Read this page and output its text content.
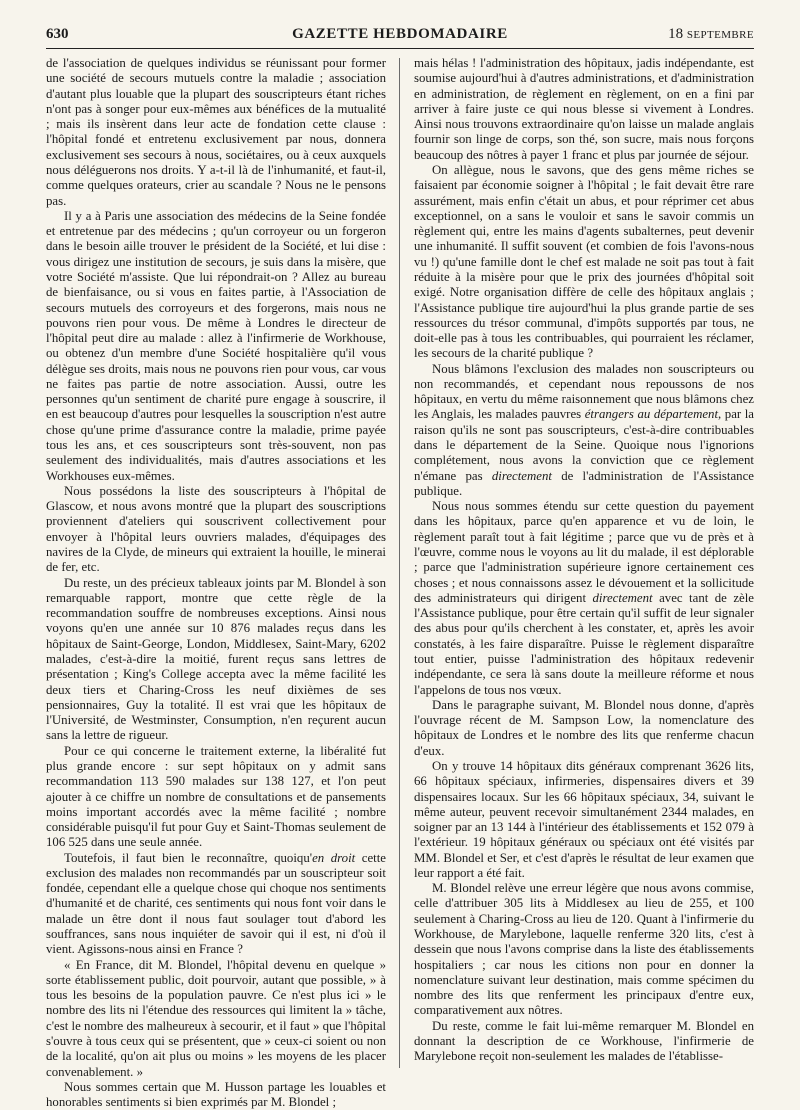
630	GAZETTE HEBDOMADAIRE	18 SEPTEMBRE

de l'association de quelques individus se réunissant pour former une société de secours mutuels contre la maladie ; association d'autant plus louable que la plupart des souscripteurs étant riches n'ont pas à songer pour eux-mêmes aux bénéfices de la mutualité ; mais ils insèrent dans leur acte de fondation cette clause : l'hôpital fondé et entretenu exclusivement par nous, donnera exclusivement ses secours à nous, sociétaires, ou à ceux auxquels nous déléguerons nos droits. Y a-t-il là de l'inhumanité, et faut-il, comme quelques orateurs, crier au scandale ? Nous ne le pensons pas.

Il y a à Paris une association des médecins de la Seine fondée et entretenue par des médecins ; qu'un corroyeur ou un forgeron dans le besoin aille trouver le président de la Société, et lui dise : vous dirigez une institution de secours, je suis dans la misère, que votre Société m'assiste. Que lui répondrait-on ? Allez au bureau de bienfaisance, ou si vous en faites partie, à l'Association de secours mutuels des corroyeurs et des forgerons, mais nous ne pouvons rien pour vous. De même à Londres le directeur de l'hôpital peut dire au malade : allez à l'infirmerie de Workhouse, ou obtenez d'un membre d'une Société hospitalière qu'il vous délègue ses droits, mais nous ne pouvons rien pour vous, car vous ne faites pas partie de notre association. Aussi, outre les personnes qu'un sentiment de charité pure engage à souscrire, il en est beaucoup d'autres pour lesquelles la souscription n'est autre chose qu'une prime d'assurance contre la maladie, prime payée tous les ans, et ces souscripteurs sont très-souvent, non pas seulement des individualités, mais d'autres associations et les Workhouses eux-mêmes.

Nous possédons la liste des souscripteurs à l'hôpital de Glascow, et nous avons montré que la plupart des souscriptions proviennent d'ateliers qui souscrivent collectivement pour envoyer à l'hôpital leurs ouvriers malades, d'équipages des navires de la Clyde, de mineurs qui extraient la houille, le minerai de fer, etc.

Du reste, un des précieux tableaux joints par M. Blondel à son remarquable rapport, montre que cette règle de la recommandation souffre de nombreuses exceptions. Ainsi nous voyons qu'en une année sur 10 876 malades reçus dans les hôpitaux de Saint-George, London, Middlesex, Saint-Mary, 6202 malades, c'est-à-dire la moitié, furent reçus sans lettres de présentation ; King's College accepta avec la même facilité les deux tiers et Charing-Cross les neuf dixièmes de ses pensionnaires, Guy la totalité. Il est vrai que les hôpitaux de l'Université, de Westminster, Consumption, n'en reçurent aucun sans la lettre de rigueur.

Pour ce qui concerne le traitement externe, la libéralité fut plus grande encore : sur sept hôpitaux on y admit sans recommandation 113 590 malades sur 138 127, et l'on peut ajouter à ce chiffre un nombre de consultations et de pansements moins important accordés avec la même facilité ; nombre considérable puisqu'il fut pour Guy et Saint-Thomas seulement de 106 525 dans une seule année.

Toutefois, il faut bien le reconnaître, quoiqu'en droit cette exclusion des malades non recommandés par un souscripteur soit fondée, cependant elle a quelque chose qui choque nos sentiments d'humanité et de charité, ces sentiments qui nous font voir dans le malade un être dont il nous faut soulager tout d'abord les souffrances, sans nous inquiéter de savoir qui il est, ni d'où il vient. Agissons-nous ainsi en France ?

« En France, dit M. Blondel, l'hôpital devenu en quelque » sorte établissement public, doit pourvoir, autant que possible, » à tous les besoins de la population pauvre. Ce n'est plus ici » le nombre des lits ni l'étendue des ressources qui limitent la » tâche, c'est le nombre des malheureux à secourir, et il faut » que l'hôpital s'ouvre à tous ceux qui se présentent, que » ceux-ci soient ou non de la localité, qu'on ait plus ou moins » les moyens de les placer convenablement. »

Nous sommes certain que M. Husson partage les louables et honorables sentiments si bien exprimés par M. Blondel ;

mais hélas ! l'administration des hôpitaux, jadis indépendante, est soumise aujourd'hui à d'autres administrations, et d'administration en administration, de règlement en règlement, on en a fini par arriver à faire juste ce qui nous blesse si vivement à Londres. Ainsi nous trouvons extraordinaire qu'on laisse un malade anglais fournir son linge de corps, son thé, son sucre, mais nous forçons beaucoup des nôtres à payer 1 franc et plus par journée de séjour.

On allègue, nous le savons, que des gens même riches se faisaient par économie soigner à l'hôpital ; le fait devait être rare assurément, mais enfin c'était un abus, et pour réprimer cet abus exceptionnel, on a sans le vouloir et sans le savoir commis un règlement qui, entre les mains d'agents subalternes, peut devenir une inhumanité. Il suffit souvent (et combien de fois l'avons-nous vu !) qu'une famille dont le chef est malade ne soit pas tout à fait réduite à la misère pour que le prix des journées d'hôpital soit exigé. Notre organisation diffère de celle des hôpitaux anglais ; l'Assistance publique tire aujourd'hui la plus grande partie de ses ressources du trésor communal, d'impôts supportés par tous, ne doit-elle pas à tous les contribuables, qui pourraient les réclamer, les secours de la charité publique ?

Nous blâmons l'exclusion des malades non souscripteurs ou non recommandés, et cependant nous repoussons de nos hôpitaux, en vertu du même raisonnement que nous blâmons chez les Anglais, les malades pauvres étrangers au département, par la raison qu'ils ne sont pas souscripteurs, c'est-à-dire contribuables dans le département de la Seine. Quoique nous l'ignorions complétement, nous avons la conviction que ce règlement n'émane pas directement de l'administration de l'Assistance publique.

Nous nous sommes étendu sur cette question du payement dans les hôpitaux, parce qu'en apparence et vu de loin, le règlement paraît tout à fait légitime ; parce que vu de près et à l'œuvre, comme nous le voyons au lit du malade, il est déplorable ; parce que l'administration supérieure ignore certainement ces choses ; et nous connaissons assez le dévouement et la sollicitude des administrateurs qui dirigent directement avec tant de zèle l'Assistance publique, pour être certain qu'il suffit de leur signaler des abus pour qu'ils cherchent à les constater, et, après les avoir constatés, à les faire disparaître. Puisse le règlement disparaître tout entier, puisse l'administration des hôpitaux redevenir indépendante, ce sera là sans doute la meilleure réforme et nous l'appelons de tous nos vœux.

Dans le paragraphe suivant, M. Blondel nous donne, d'après l'ouvrage récent de M. Sampson Low, la nomenclature des hôpitaux de Londres et le nombre des lits que renferme chacun d'eux.

On y trouve 14 hôpitaux dits généraux comprenant 3626 lits, 66 hôpitaux spéciaux, infirmeries, dispensaires divers et 39 dispensaires locaux. Sur les 66 hôpitaux spéciaux, 34, suivant le même auteur, peuvent recevoir simultanément 2344 malades, en soigner par an 13 144 à l'intérieur des établissements et 152 079 à l'extérieur. 19 hôpitaux généraux ou spéciaux ont été visités par MM. Blondel et Ser, et c'est d'après le résultat de leur examen que leur rapport a été fait.

M. Blondel relève une erreur légère que nous avons commise, celle d'attribuer 305 lits à Middlesex au lieu de 255, et 100 seulement à Charing-Cross au lieu de 120. Quant à l'infirmerie du Workhouse, de Marylebone, laquelle renferme 320 lits, c'est à dessein que nous l'avons comprise dans la liste des établissements hospitaliers ; car nous les citions non pour en donner la nomenclature suivant leur destination, mais comme spécimen du nombre des lits que renferment les principaux d'entre eux, comparativement aux nôtres.

Du reste, comme le fait lui-même remarquer M. Blondel en donnant la description de ce Workhouse, l'infirmerie de Marylebone reçoit non-seulement les malades de l'établisse-
